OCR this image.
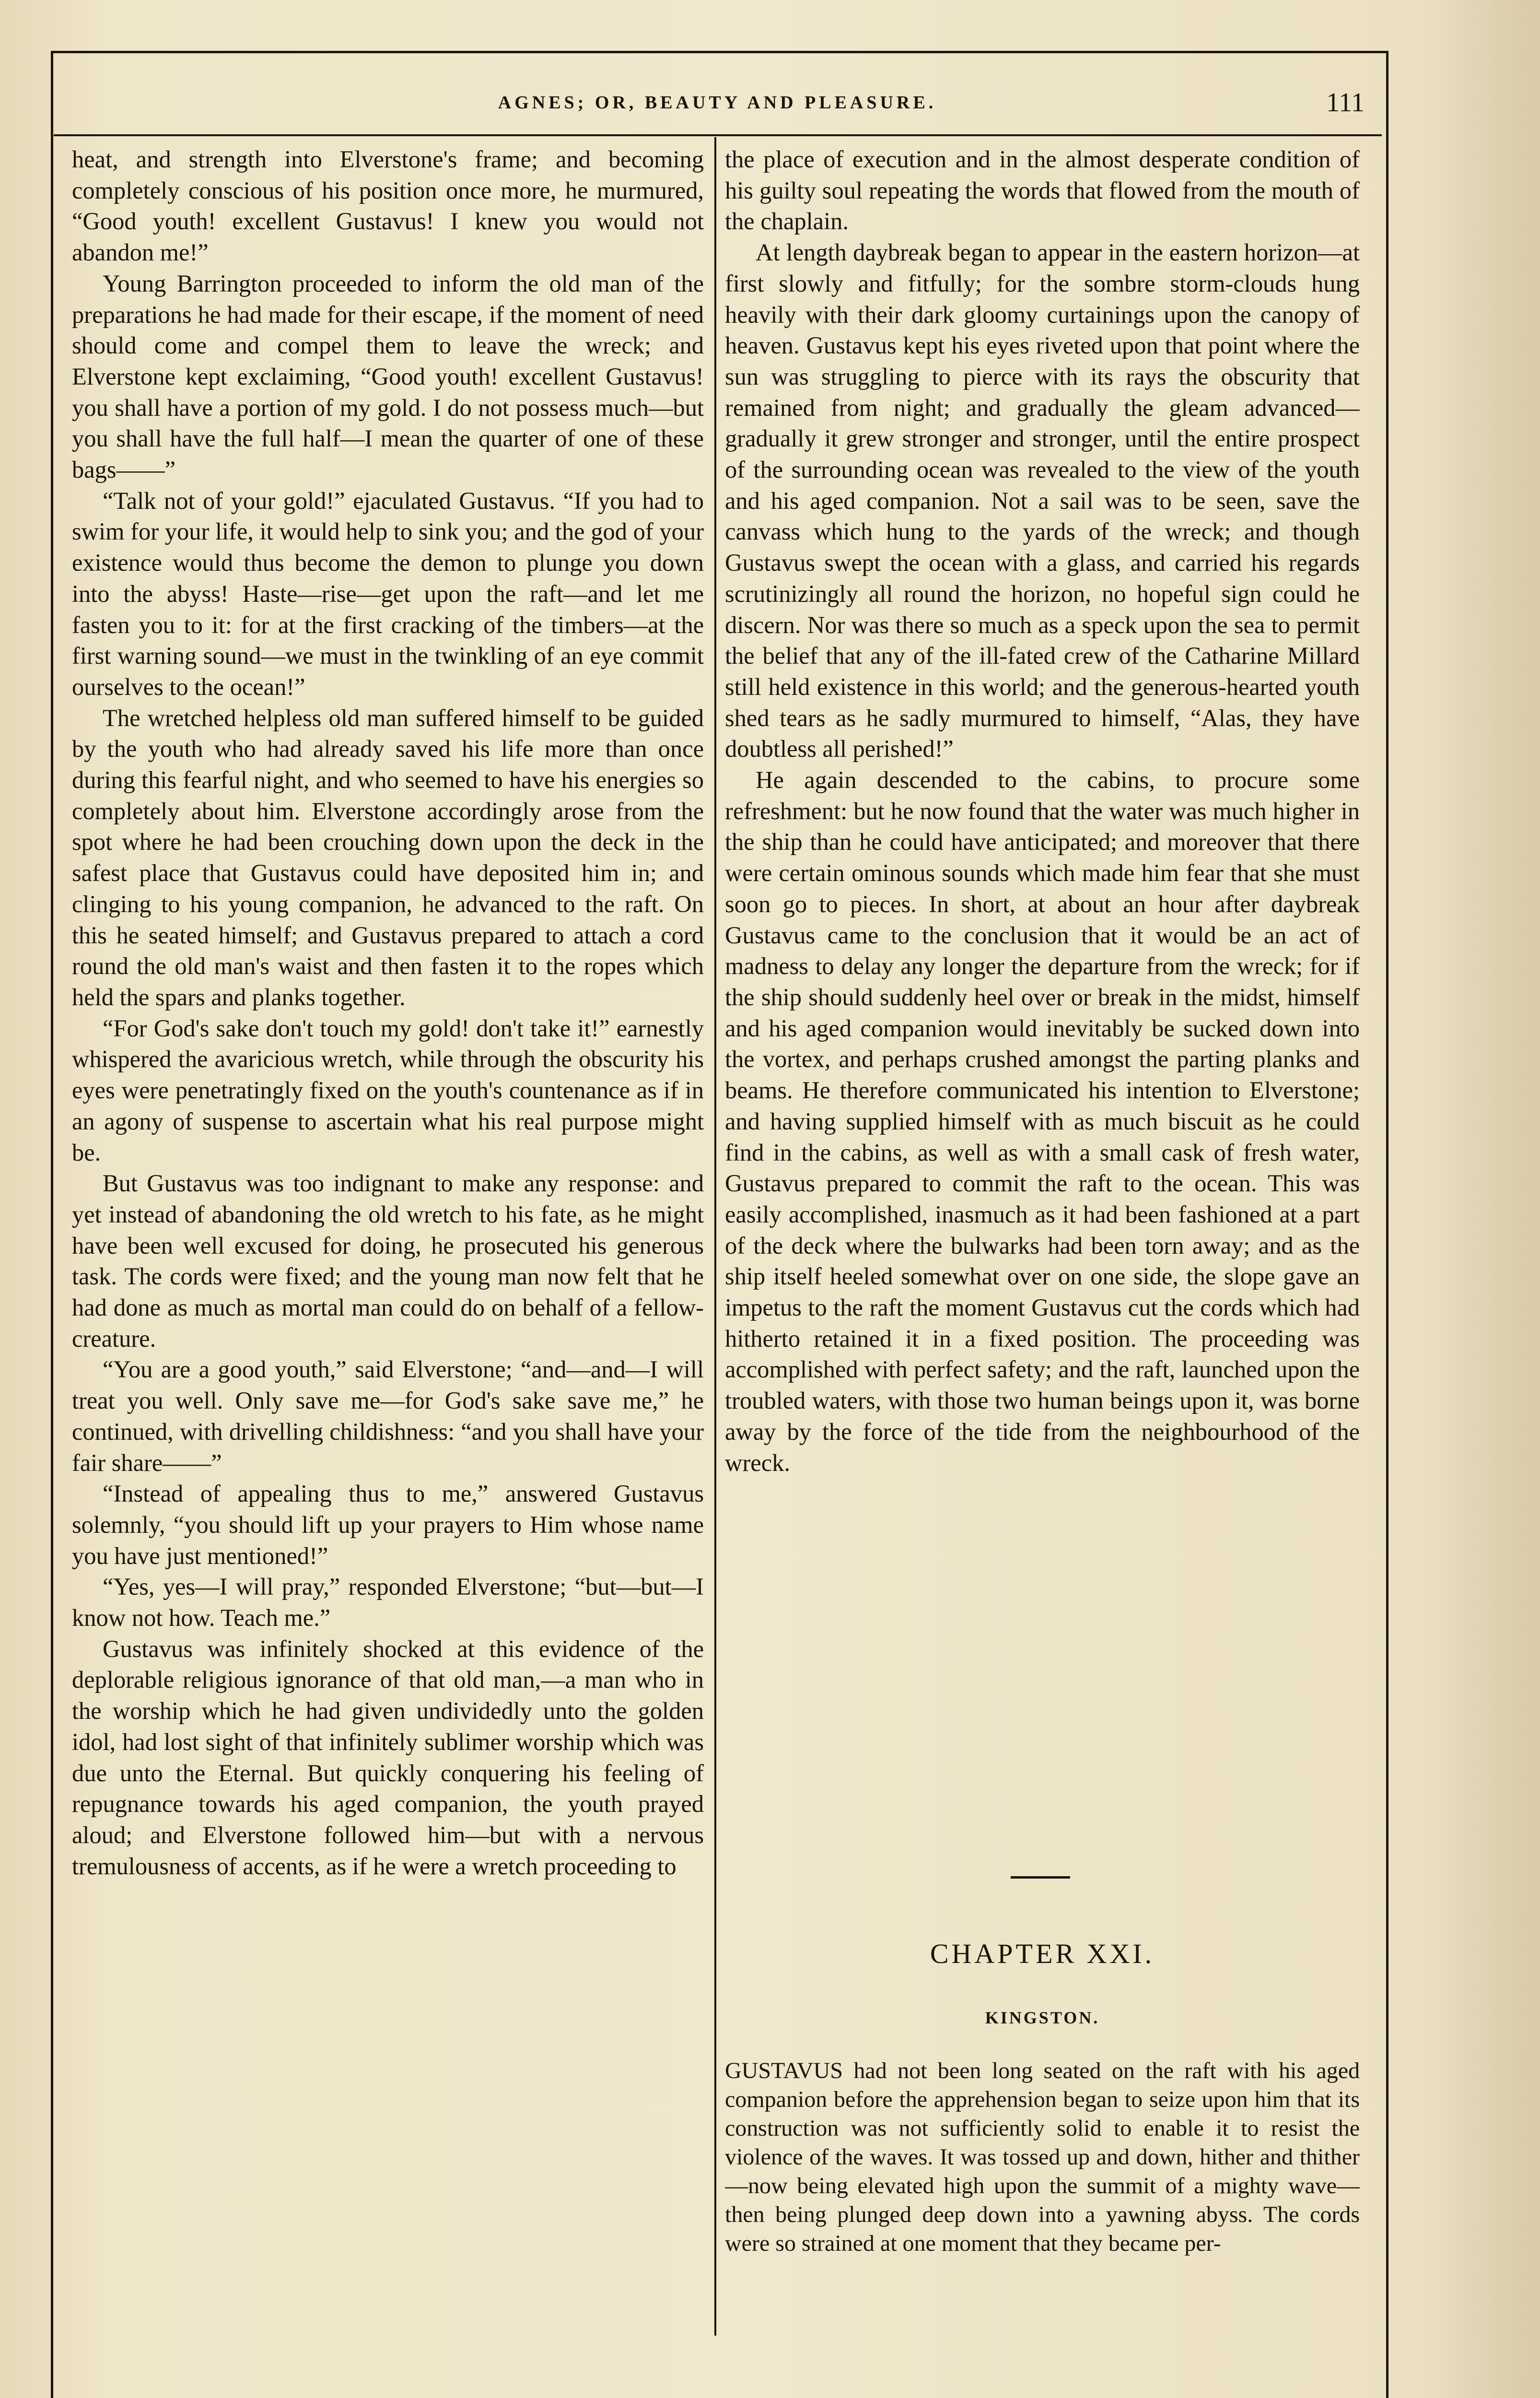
AGNES; OR, BEAUTY AND PLEASURE.	111

heat, and strength into Elverstone's frame; and becoming completely conscious of his position once more, he murmured, “Good youth! excellent Gustavus! I knew you would not abandon me!”

Young Barrington proceeded to inform the old man of the preparations he had made for their escape, if the moment of need should come and compel them to leave the wreck; and Elverstone kept exclaiming, “Good youth! excellent Gustavus! you shall have a portion of my gold. I do not possess much—but you shall have the full half—I mean the quarter of one of these bags——”

“Talk not of your gold!” ejaculated Gustavus. “If you had to swim for your life, it would help to sink you; and the god of your existence would thus become the demon to plunge you down into the abyss! Haste—rise—get upon the raft—and let me fasten you to it: for at the first cracking of the timbers—at the first warning sound—we must in the twinkling of an eye commit ourselves to the ocean!”

The wretched helpless old man suffered himself to be guided by the youth who had already saved his life more than once during this fearful night, and who seemed to have his energies so completely about him. Elverstone accordingly arose from the spot where he had been crouching down upon the deck in the safest place that Gustavus could have deposited him in; and clinging to his young companion, he advanced to the raft. On this he seated himself; and Gustavus prepared to attach a cord round the old man's waist and then fasten it to the ropes which held the spars and planks together.

“For God's sake don't touch my gold! don't take it!” earnestly whispered the avaricious wretch, while through the obscurity his eyes were penetratingly fixed on the youth's countenance as if in an agony of suspense to ascertain what his real purpose might be.

But Gustavus was too indignant to make any response: and yet instead of abandoning the old wretch to his fate, as he might have been well excused for doing, he prosecuted his generous task. The cords were fixed; and the young man now felt that he had done as much as mortal man could do on behalf of a fellow-creature.

“You are a good youth,” said Elverstone; “and—and—I will treat you well. Only save me—for God's sake save me,” he continued, with drivelling childishness: “and you shall have your fair share——”

“Instead of appealing thus to me,” answered Gustavus solemnly, “you should lift up your prayers to Him whose name you have just mentioned!”

“Yes, yes—I will pray,” responded Elverstone; “but—but—I know not how. Teach me.”

Gustavus was infinitely shocked at this evidence of the deplorable religious ignorance of that old man,—a man who in the worship which he had given undividedly unto the golden idol, had lost sight of that infinitely sublimer worship which was due unto the Eternal. But quickly conquering his feeling of repugnance towards his aged companion, the youth prayed aloud; and Elverstone followed him—but with a nervous tremulousness of accents, as if he were a wretch proceeding to

the place of execution and in the almost desperate condition of his guilty soul repeating the words that flowed from the mouth of the chaplain.

At length daybreak began to appear in the eastern horizon—at first slowly and fitfully; for the sombre storm-clouds hung heavily with their dark gloomy curtainings upon the canopy of heaven. Gustavus kept his eyes riveted upon that point where the sun was struggling to pierce with its rays the obscurity that remained from night; and gradually the gleam advanced—gradually it grew stronger and stronger, until the entire prospect of the surrounding ocean was revealed to the view of the youth and his aged companion. Not a sail was to be seen, save the canvass which hung to the yards of the wreck; and though Gustavus swept the ocean with a glass, and carried his regards scrutinizingly all round the horizon, no hopeful sign could he discern. Nor was there so much as a speck upon the sea to permit the belief that any of the ill-fated crew of the Catharine Millard still held existence in this world; and the generous-hearted youth shed tears as he sadly murmured to himself, “Alas, they have doubtless all perished!”

He again descended to the cabins, to procure some refreshment: but he now found that the water was much higher in the ship than he could have anticipated; and moreover that there were certain ominous sounds which made him fear that she must soon go to pieces. In short, at about an hour after daybreak Gustavus came to the conclusion that it would be an act of madness to delay any longer the departure from the wreck; for if the ship should suddenly heel over or break in the midst, himself and his aged companion would inevitably be sucked down into the vortex, and perhaps crushed amongst the parting planks and beams. He therefore communicated his intention to Elverstone; and having supplied himself with as much biscuit as he could find in the cabins, as well as with a small cask of fresh water, Gustavus prepared to commit the raft to the ocean. This was easily accomplished, inasmuch as it had been fashioned at a part of the deck where the bulwarks had been torn away; and as the ship itself heeled somewhat over on one side, the slope gave an impetus to the raft the moment Gustavus cut the cords which had hitherto retained it in a fixed position. The proceeding was accomplished with perfect safety; and the raft, launched upon the troubled waters, with those two human beings upon it, was borne away by the force of the tide from the neighbourhood of the wreck.

CHAPTER XXI.
KINGSTON.

GUSTAVUS had not been long seated on the raft with his aged companion before the apprehension began to seize upon him that its construction was not sufficiently solid to enable it to resist the violence of the waves. It was tossed up and down, hither and thither—now being elevated high upon the summit of a mighty wave—then being plunged deep down into a yawning abyss. The cords were so strained at one moment that they became per-
